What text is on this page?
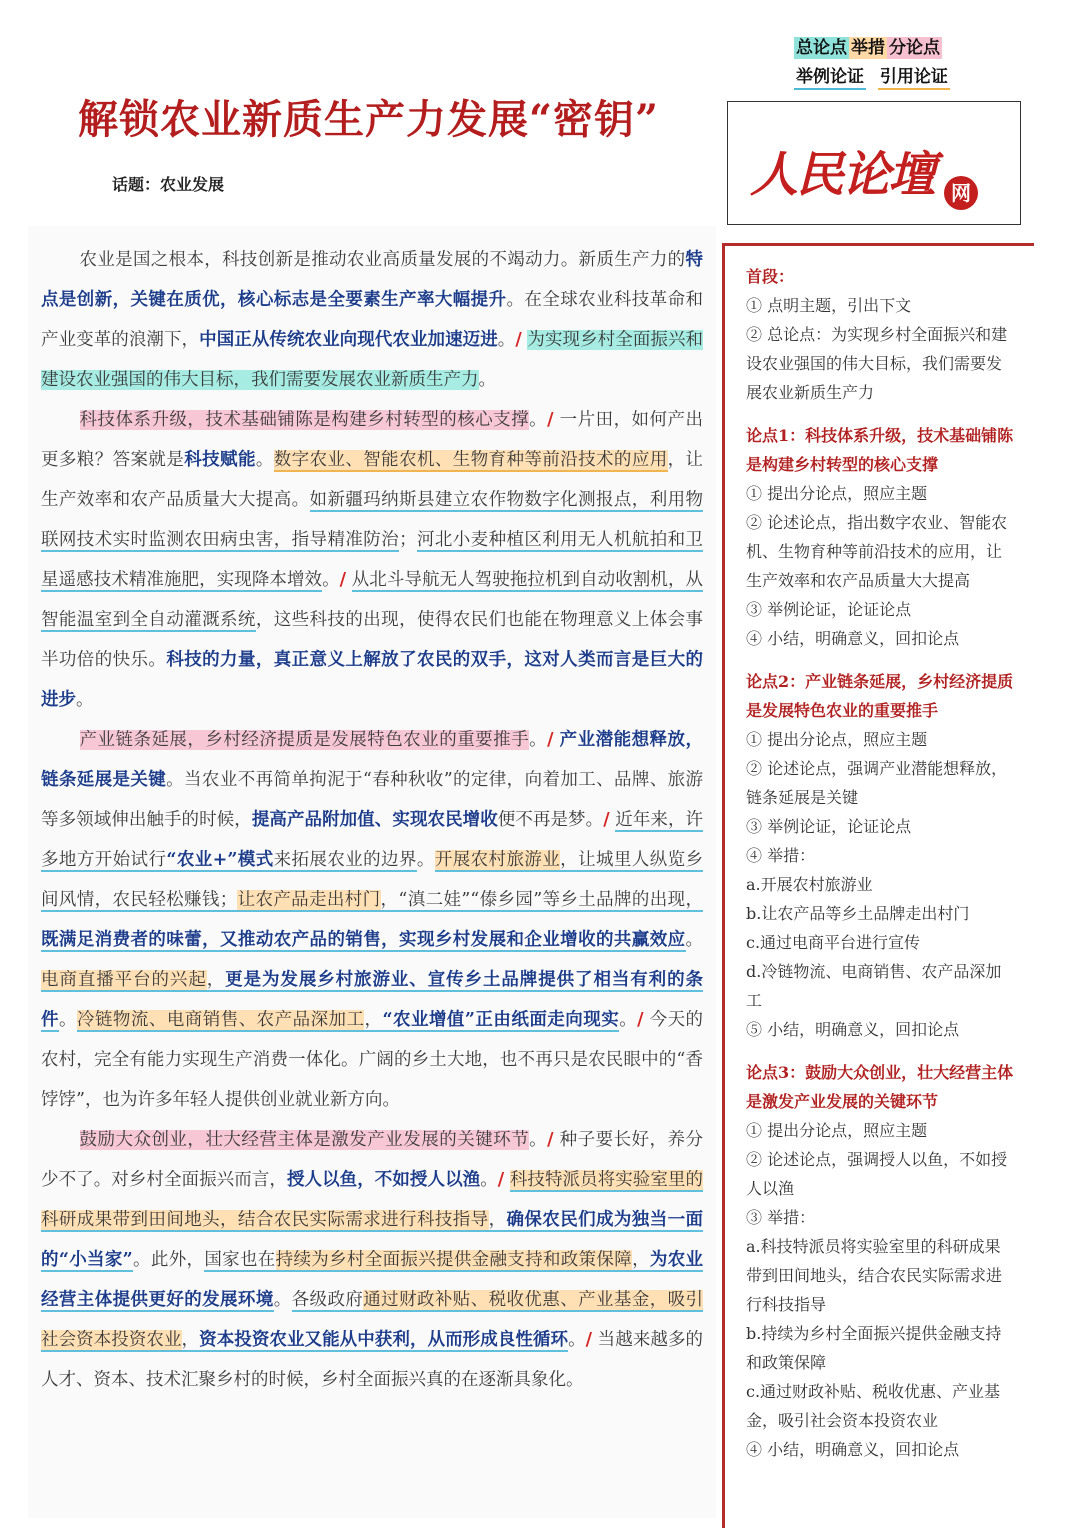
总论点 举措 分论点
举例论证 引用论证
解锁农业新质生产力发展“密钥”
话题：农业发展	人民论壇 网

农业是国之根本，科技创新是推动农业高质量发展的不竭动力。新质生产力的特点是创新，关键在质优，核心标志是全要素生产率大幅提升。在全球农业科技革命和产业变革的浪潮下，中国正从传统农业向现代农业加速迈进。/ 为实现乡村全面振兴和建设农业强国的伟大目标，我们需要发展农业新质生产力。

科技体系升级，技术基础铺陈是构建乡村转型的核心支撑。/ 一片田，如何产出更多粮？答案就是科技赋能。数字农业、智能农机、生物育种等前沿技术的应用，让生产效率和农产品质量大大提高。如新疆玛纳斯县建立农作物数字化测报点，利用物联网技术实时监测农田病虫害，指导精准防治；河北小麦种植区利用无人机航拍和卫星遥感技术精准施肥，实现降本增效。/ 从北斗导航无人驾驶拖拉机到自动收割机，从智能温室到全自动灌溉系统，这些科技的出现，使得农民们也能在物理意义上体会事半功倍的快乐。科技的力量，真正意义上解放了农民的双手，这对人类而言是巨大的进步。

产业链条延展，乡村经济提质是发展特色农业的重要推手。/ 产业潜能想释放，链条延展是关键。当农业不再简单拘泥于“春种秋收”的定律，向着加工、品牌、旅游等多领域伸出触手的时候，提高产品附加值、实现农民增收便不再是梦。/ 近年来，许多地方开始试行“农业+”模式来拓展农业的边界。开展农村旅游业，让城里人纵览乡间风情，农民轻松赚钱；让农产品走出村门，“滇二娃”“傣乡园”等乡土品牌的出现，既满足消费者的味蕾，又推动农产品的销售，实现乡村发展和企业增收的共赢效应。电商直播平台的兴起，更是为发展乡村旅游业、宣传乡土品牌提供了相当有利的条件。冷链物流、电商销售、农产品深加工，“农业增值”正由纸面走向现实。/ 今天的农村，完全有能力实现生产消费一体化。广阔的乡土大地，也不再只是农民眼中的“香饽饽”，也为许多年轻人提供创业就业新方向。

鼓励大众创业，壮大经营主体是激发产业发展的关键环节。/ 种子要长好，养分少不了。对乡村全面振兴而言，授人以鱼，不如授人以渔。/ 科技特派员将实验室里的科研成果带到田间地头，结合农民实际需求进行科技指导，确保农民们成为独当一面的“小当家”。此外，国家也在持续为乡村全面振兴提供金融支持和政策保障，为农业经营主体提供更好的发展环境。各级政府通过财政补贴、税收优惠、产业基金，吸引社会资本投资农业，资本投资农业又能从中获利，从而形成良性循环。/ 当越来越多的人才、资本、技术汇聚乡村的时候，乡村全面振兴真的在逐渐具象化。

首段：
① 点明主题，引出下文
② 总论点：为实现乡村全面振兴和建设农业强国的伟大目标，我们需要发展农业新质生产力
论点1：科技体系升级，技术基础铺陈是构建乡村转型的核心支撑
① 提出分论点，照应主题
② 论述论点，指出数字农业、智能农机、生物育种等前沿技术的应用，让生产效率和农产品质量大大提高
③ 举例论证，论证论点
④ 小结，明确意义，回扣论点
论点2：产业链条延展，乡村经济提质是发展特色农业的重要推手
① 提出分论点，照应主题
② 论述论点，强调产业潜能想释放，链条延展是关键
③ 举例论证，论证论点
④ 举措：
a.开展农村旅游业
b.让农产品等乡土品牌走出村门
c.通过电商平台进行宣传
d.冷链物流、电商销售、农产品深加工
⑤ 小结，明确意义，回扣论点
论点3：鼓励大众创业，壮大经营主体是激发产业发展的关键环节
① 提出分论点，照应主题
② 论述论点，强调授人以鱼，不如授人以渔
③ 举措：
a.科技特派员将实验室里的科研成果带到田间地头，结合农民实际需求进行科技指导
b.持续为乡村全面振兴提供金融支持和政策保障
c.通过财政补贴、税收优惠、产业基金，吸引社会资本投资农业
④ 小结，明确意义，回扣论点
